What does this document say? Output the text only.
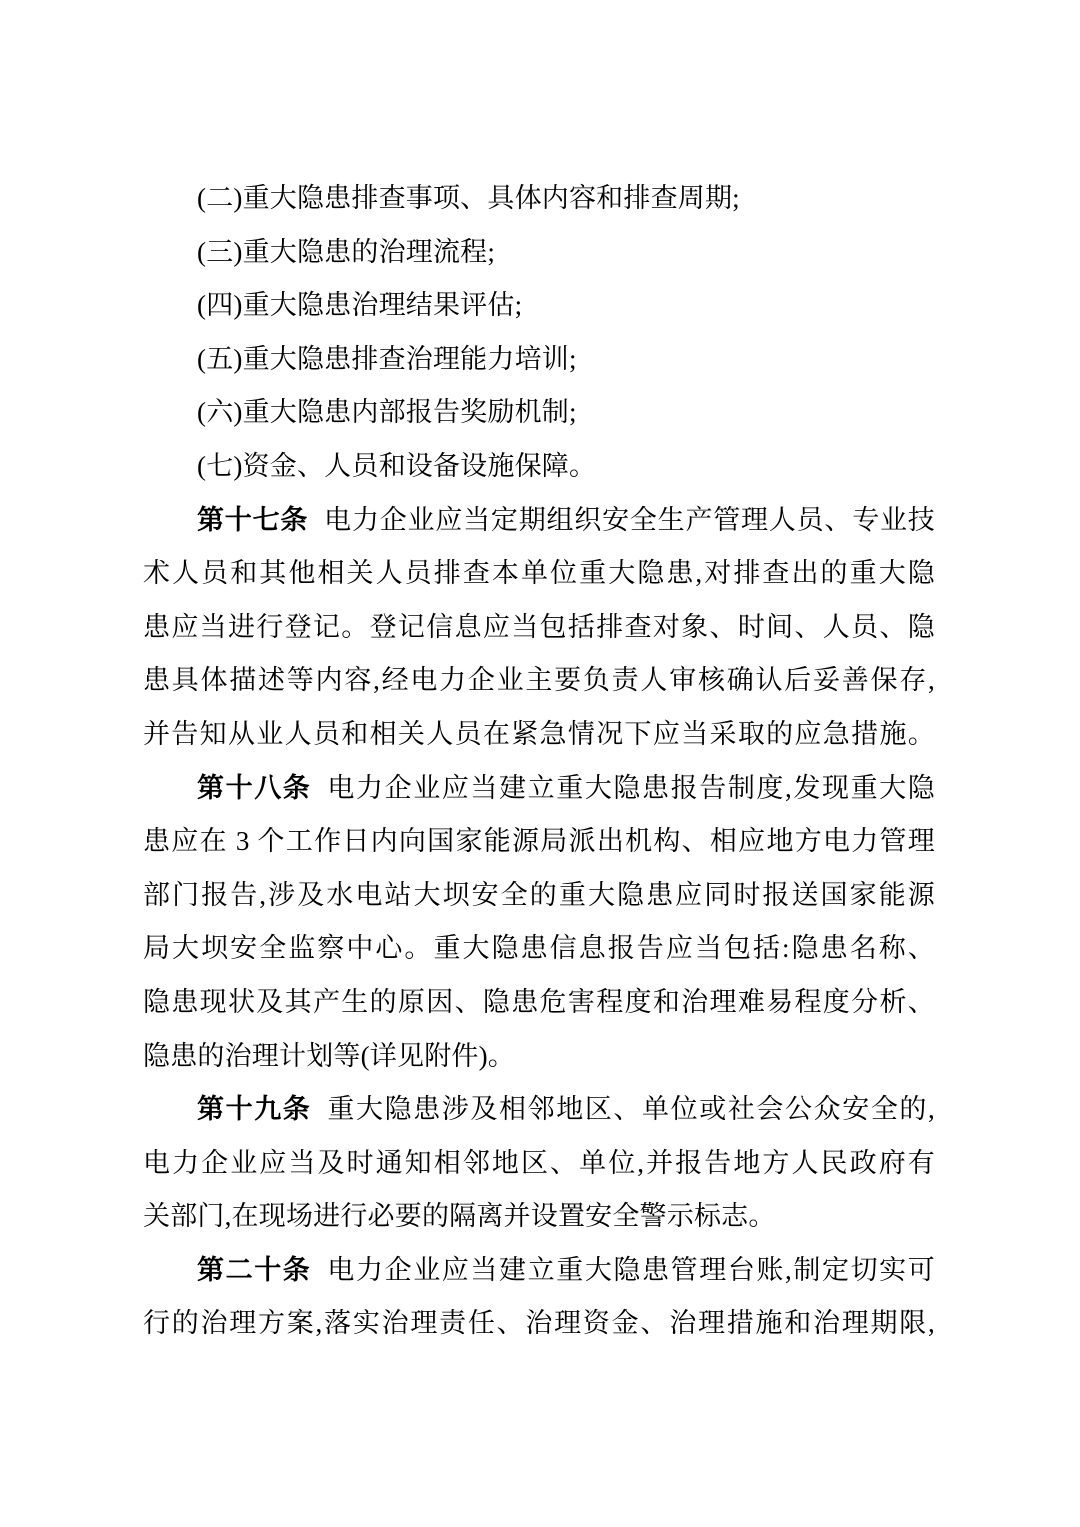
(二)重大隐患排查事项、具体内容和排查周期;
(三)重大隐患的治理流程;
(四)重大隐患治理结果评估;
(五)重大隐患排查治理能力培训;
(六)重大隐患内部报告奖励机制;
(七)资金、人员和设备设施保障。
第十七条 电力企业应当定期组织安全生产管理人员、专业技
术人员和其他相关人员排查本单位重大隐患,对排查出的重大隐
患应当进行登记。登记信息应当包括排查对象、时间、人员、隐
患具体描述等内容,经电力企业主要负责人审核确认后妥善保存,
并告知从业人员和相关人员在紧急情况下应当采取的应急措施。
第十八条 电力企业应当建立重大隐患报告制度,发现重大隐
患应在 3 个工作日内向国家能源局派出机构、相应地方电力管理
部门报告,涉及水电站大坝安全的重大隐患应同时报送国家能源
局大坝安全监察中心。重大隐患信息报告应当包括:隐患名称、
隐患现状及其产生的原因、隐患危害程度和治理难易程度分析、
隐患的治理计划等(详见附件)。
第十九条 重大隐患涉及相邻地区、单位或社会公众安全的,
电力企业应当及时通知相邻地区、单位,并报告地方人民政府有
关部门,在现场进行必要的隔离并设置安全警示标志。
第二十条 电力企业应当建立重大隐患管理台账,制定切实可
行的治理方案,落实治理责任、治理资金、治理措施和治理期限,
